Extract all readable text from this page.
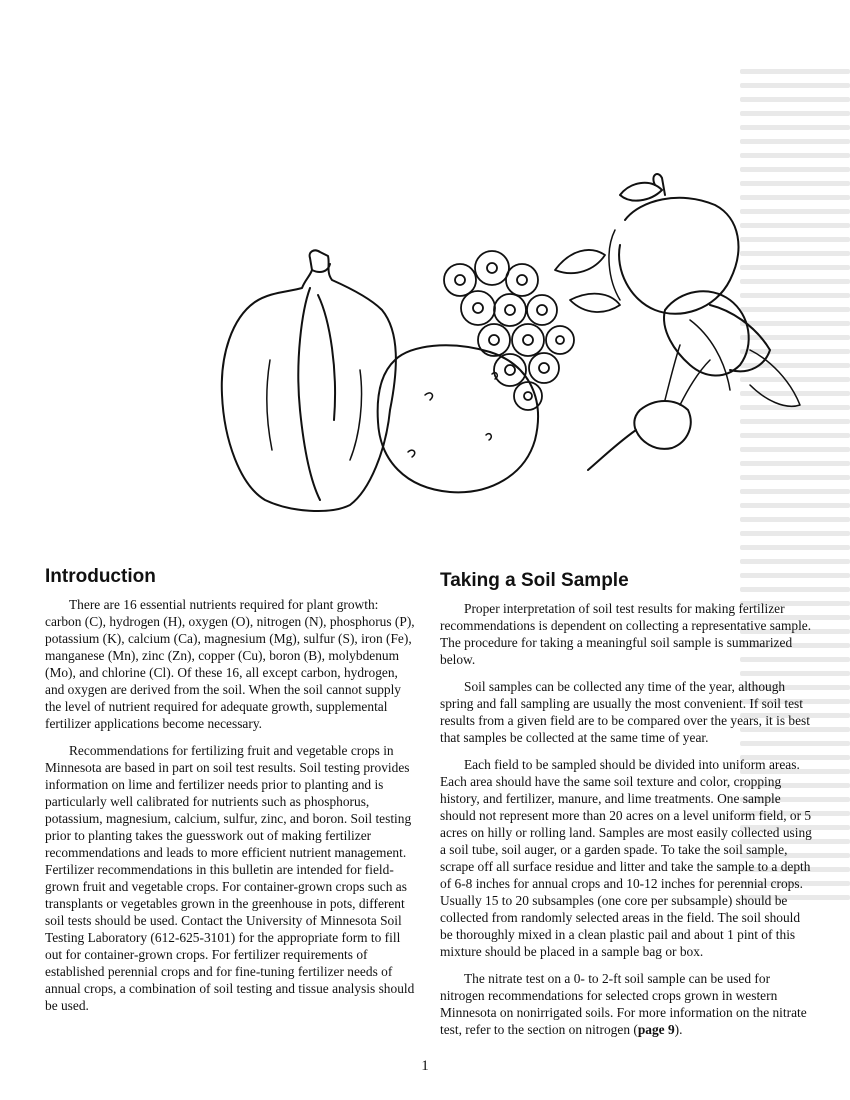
Introduction

There are 16 essential nutrients required for plant growth: carbon (C), hydrogen (H), oxygen (O), nitrogen (N), phosphorus (P), potassium (K), calcium (Ca), magnesium (Mg), sulfur (S), iron (Fe), manganese (Mn), zinc (Zn), copper (Cu), boron (B), molybdenum (Mo), and chlorine (Cl). Of these 16, all except carbon, hydrogen, and oxygen are derived from the soil. When the soil cannot supply the level of nutrient required for adequate growth, supplemental fertilizer applications become necessary.

Recommendations for fertilizing fruit and vegetable crops in Minnesota are based in part on soil test results. Soil testing provides information on lime and fertilizer needs prior to planting and is particularly well calibrated for nutrients such as phosphorus, potassium, magnesium, calcium, sulfur, zinc, and boron. Soil testing prior to planting takes the guesswork out of making fertilizer recommendations and leads to more efficient nutrient management. Fertilizer recommendations in this bulletin are intended for field-grown fruit and vegetable crops. For container-grown crops such as transplants or vegetables grown in the greenhouse in pots, different soil tests should be used. Contact the University of Minnesota Soil Testing Laboratory (612-625-3101) for the appropriate form to fill out for container-grown crops. For fertilizer requirements of established perennial crops and for fine-tuning fertilizer needs of annual crops, a combination of soil testing and tissue analysis should be used.

Taking a Soil Sample

Proper interpretation of soil test results for making fertilizer recommendations is dependent on collecting a representative sample. The procedure for taking a meaningful soil sample is summarized below.

Soil samples can be collected any time of the year, although spring and fall sampling are usually the most convenient. If soil test results from a given field are to be compared over the years, it is best that samples be collected at the same time of year.

Each field to be sampled should be divided into uniform areas. Each area should have the same soil texture and color, cropping history, and fertilizer, manure, and lime treatments. One sample should not represent more than 20 acres on a level uniform field, or 5 acres on hilly or rolling land. Samples are most easily collected using a soil tube, soil auger, or a garden spade. To take the soil sample, scrape off all surface residue and litter and take the sample to a depth of 6-8 inches for annual crops and 10-12 inches for perennial crops. Usually 15 to 20 subsamples (one core per subsample) should be collected from randomly selected areas in the field. The soil should be thoroughly mixed in a clean plastic pail and about 1 pint of this mixture should be placed in a sample bag or box.

The nitrate test on a 0- to 2-ft soil sample can be used for nitrogen recommendations for selected crops grown in western Minnesota on nonirrigated soils. For more information on the nitrate test, refer to the section on nitrogen (page 9).

1
